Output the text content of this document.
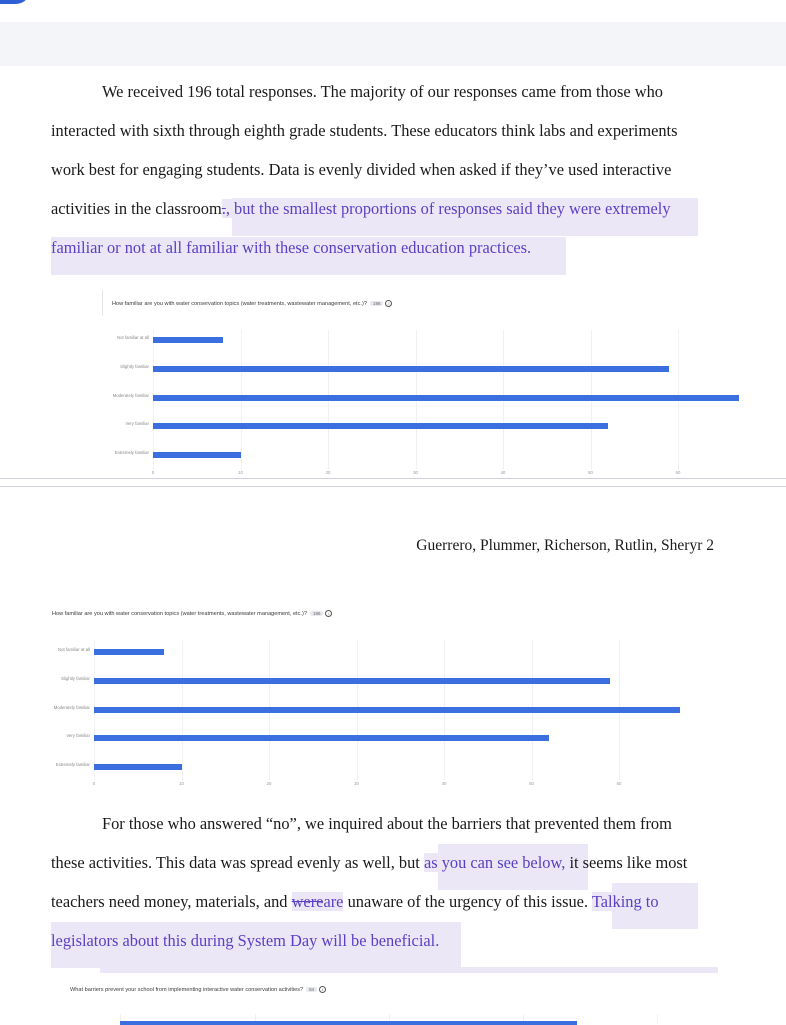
We received 196 total responses. The majority of our responses came from those who
interacted with sixth through eighth grade students. These educators think labs and experiments
work best for engaging students. Data is evenly divided when asked if they’ve used interactive
activities in the classroom., but the smallest proportions of responses said they were extremely
familiar or not at all familiar with these conservation education practices.
How familiar are you with water conservation topics (water treatments, wastewater management, etc.)? 196 i
0	10	20	30	40	50	60
Not familiar at all
Slightly familiar
Moderately familiar
Very familiar
Extremely familiar
Guerrero, Plummer, Richerson, Rutlin, Sheryr 2
How familiar are you with water conservation topics (water treatments, wastewater management, etc.)? 196 i
0	10	20	30	40	50	60
Not familiar at all
Slightly familiar
Moderately familiar
Very familiar
Extremely familiar
For those who answered “no”, we inquired about the barriers that prevented them from
these activities. This data was spread evenly as well, but as you can see below, it seems like most
teachers need money, materials, and wereare unaware of the urgency of this issue. Talking to
legislators about this during System Day will be beneficial.
What barriers prevent your school from implementing interactive water conservation activities? 84 i
